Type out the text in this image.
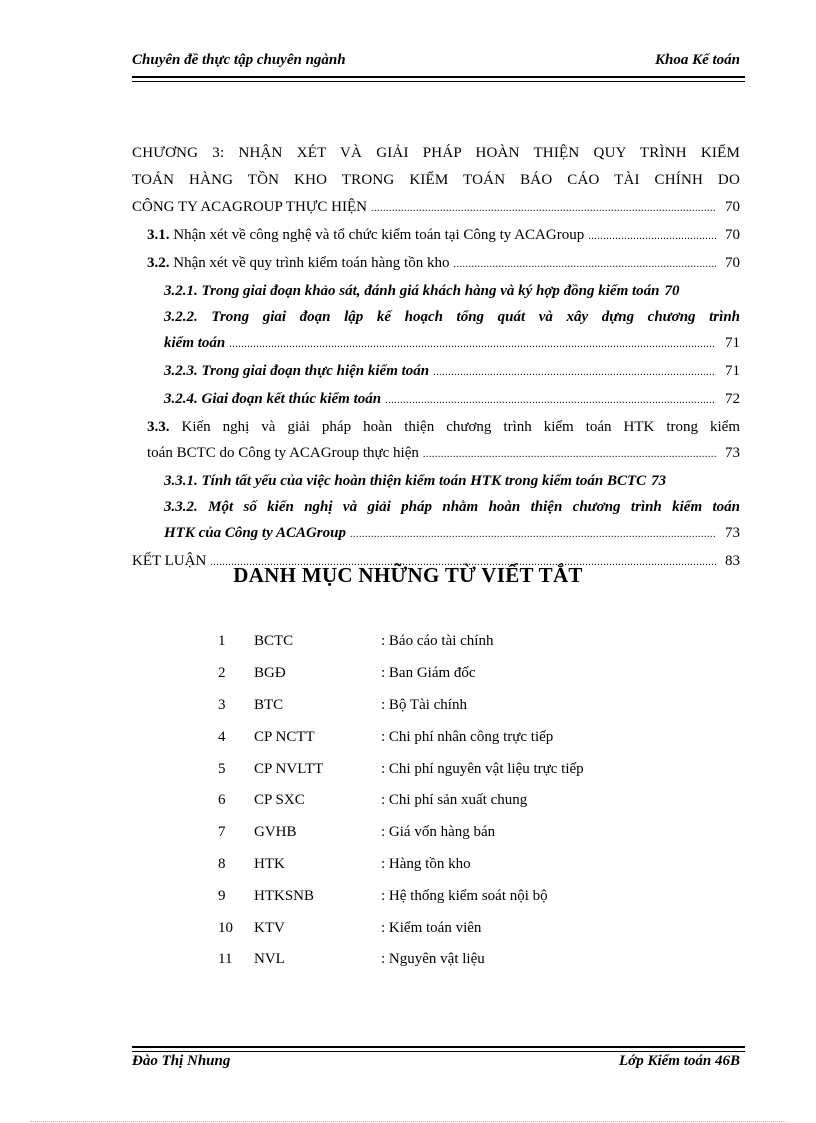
Chuyên đề thực tập chuyên ngành	Khoa Kế toán
CHƯƠNG 3: NHẬN XÉT VÀ GIẢI PHÁP HOÀN THIỆN QUY TRÌNH KIỂM
TOÁN HÀNG TỒN KHO TRONG KIỂM TOÁN BÁO CÁO TÀI CHÍNH DO
CÔNG TY ACAGROUP THỰC HIỆN .....	70
3.1. Nhận xét về công nghệ và tổ chức kiểm toán tại Công ty ACAGroup .....	70
3.2. Nhận xét về quy trình kiểm toán hàng tồn kho .....	70
3.2.1. Trong giai đoạn khảo sát, đánh giá khách hàng và ký hợp đồng kiểm toán 70
3.2.2. Trong giai đoạn lập kế hoạch tổng quát và xây dựng chương trình
kiểm toán .....	71
3.2.3. Trong giai đoạn thực hiện kiểm toán .....	71
3.2.4. Giai đoạn kết thúc kiểm toán .....	72
3.3. Kiến nghị và giải pháp hoàn thiện chương trình kiểm toán HTK trong kiểm
toán BCTC do Công ty ACAGroup thực hiện .....	73
3.3.1. Tính tất yếu của việc hoàn thiện kiểm toán HTK trong kiểm toán BCTC 73
3.3.2. Một số kiến nghị và giải pháp nhằm hoàn thiện chương trình kiểm toán
HTK của Công ty ACAGroup .....	73
KẾT LUẬN .....	83
DANH MỤC NHỮNG TỪ VIẾT TẮT
1	BCTC	: Báo cáo tài chính
2	BGĐ	: Ban Giám đốc
3	BTC	: Bộ Tài chính
4	CP NCTT	: Chi phí nhân công trực tiếp
5	CP NVLTT	: Chi phí nguyên vật liệu trực tiếp
6	CP SXC	: Chi phí sản xuất chung
7	GVHB	: Giá vốn hàng bán
8	HTK	: Hàng tồn kho
9	HTKSNB	: Hệ thống kiểm soát nội bộ
10	KTV	: Kiểm toán viên
11	NVL	: Nguyên vật liệu
Đào Thị Nhung	Lớp Kiểm toán 46B
